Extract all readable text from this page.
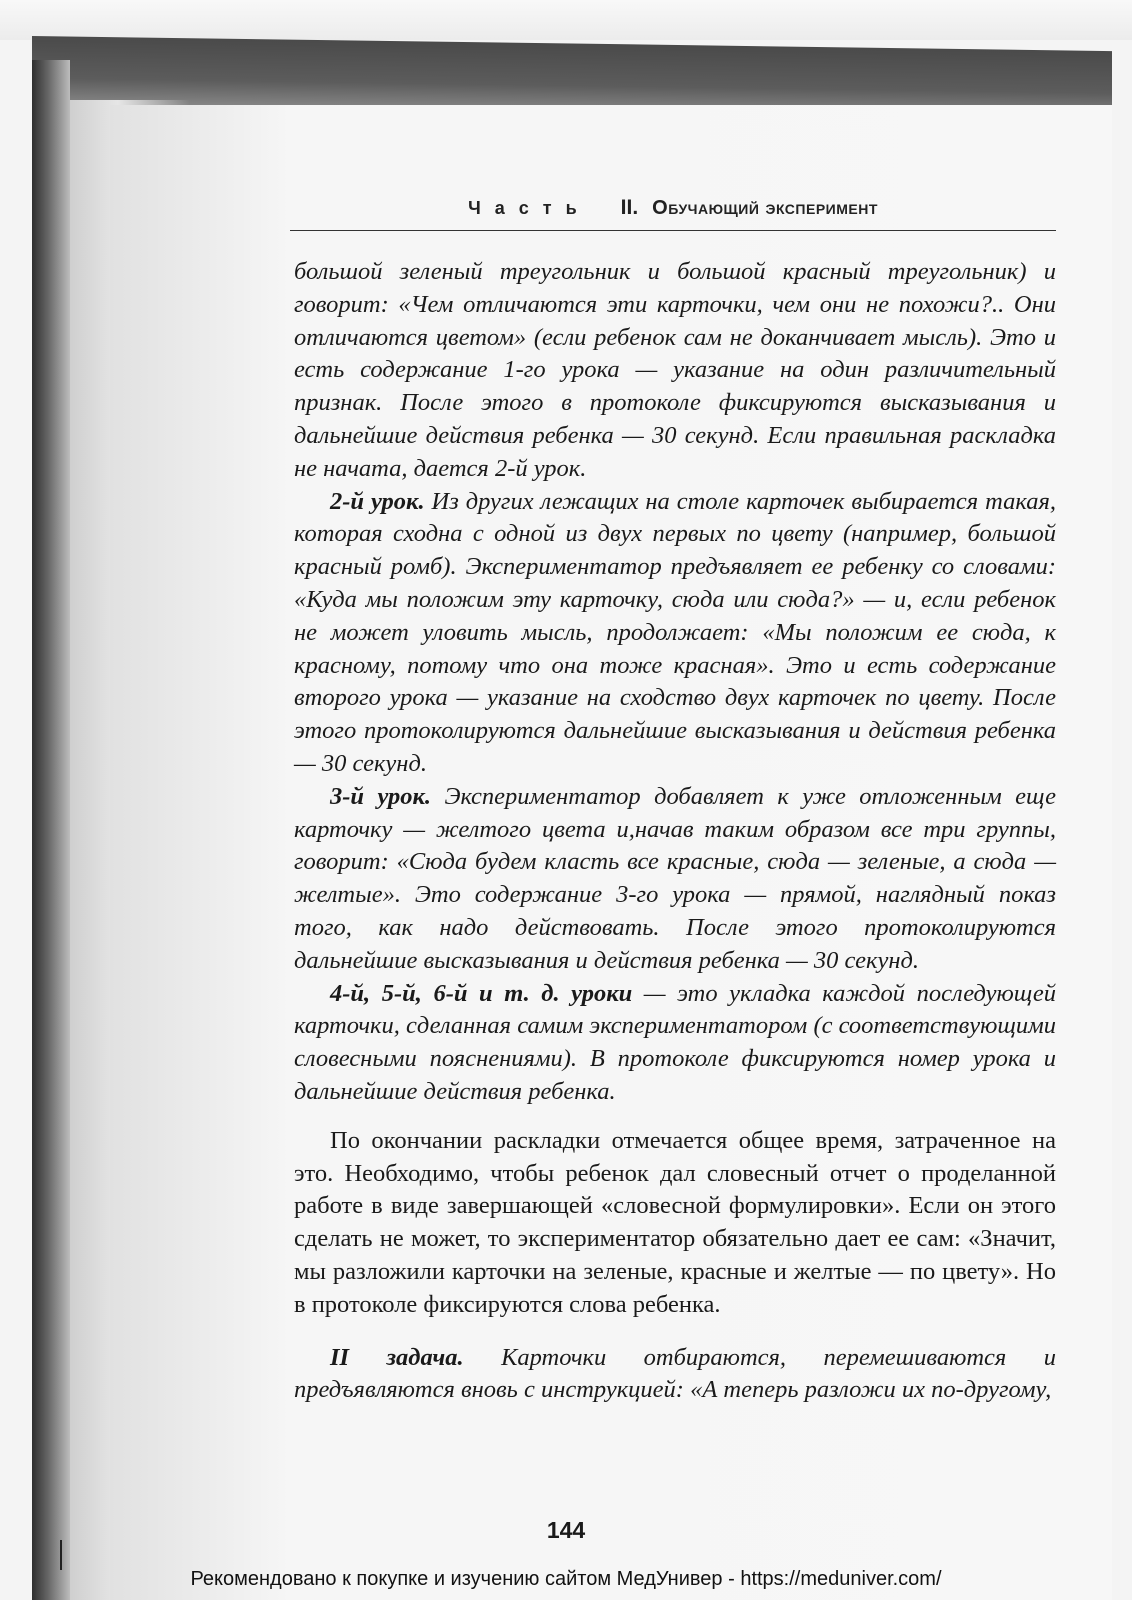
Часть II. Обучающий эксперимент

большой зеленый треугольник и большой красный треугольник) и говорит: «Чем отличаются эти карточки, чем они не похожи?.. Они отличаются цветом» (если ребенок сам не доканчивает мысль). Это и есть содержание 1-го урока — указание на один различительный признак. После этого в протоколе фиксируются высказывания и дальнейшие действия ребенка — 30 секунд. Если правильная раскладка не начата, дается 2-й урок.

2-й урок. Из других лежащих на столе карточек выбирается такая, которая сходна с одной из двух первых по цвету (например, большой красный ромб). Экспериментатор предъявляет ее ребенку со словами: «Куда мы положим эту карточку, сюда или сюда?» — и, если ребенок не может уловить мысль, продолжает: «Мы положим ее сюда, к красному, потому что она тоже красная». Это и есть содержание второго урока — указание на сходство двух карточек по цвету. После этого протоколируются дальнейшие высказывания и действия ребенка — 30 секунд.

3-й урок. Экспериментатор добавляет к уже отложенным еще карточку — желтого цвета и,начав таким образом все три группы, говорит: «Сюда будем класть все красные, сюда — зеленые, а сюда — желтые». Это содержание 3-го урока — прямой, наглядный показ того, как надо действовать. После этого протоколируются дальнейшие высказывания и действия ребенка — 30 секунд.

4-й, 5-й, 6-й и т. д. уроки — это укладка каждой последующей карточки, сделанная самим экспериментатором (с соответствующими словесными пояснениями). В протоколе фиксируются номер урока и дальнейшие действия ребенка.

По окончании раскладки отмечается общее время, затраченное на это. Необходимо, чтобы ребенок дал словесный отчет о проделанной работе в виде завершающей «словесной формулировки». Если он этого сделать не может, то экспериментатор обязательно дает ее сам: «Значит, мы разложили карточки на зеленые, красные и желтые — по цвету». Но в протоколе фиксируются слова ребенка.

II задача. Карточки отбираются, перемешиваются и предъявляются вновь с инструкцией: «А теперь разложи их по-другому,

144
Рекомендовано к покупке и изучению сайтом МедУнивер - https://meduniver.com/
